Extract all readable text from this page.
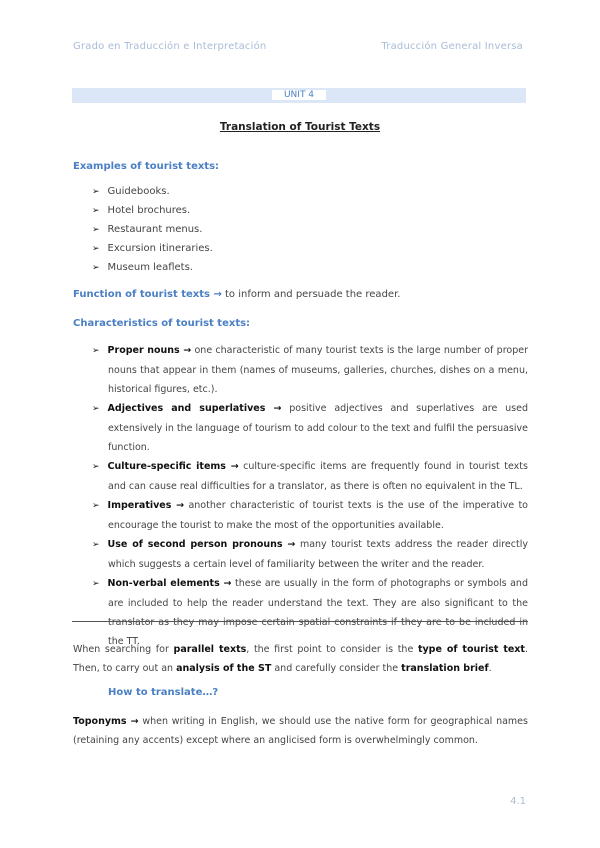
Grado en Traducción e Interpretación	Traducción General Inversa
UNIT 4
Translation of Tourist Texts
Examples of tourist texts:
➢ Guidebooks.
➢ Hotel brochures.
➢ Restaurant menus.
➢ Excursion itineraries.
➢ Museum leaflets.
Function of tourist texts → to inform and persuade the reader.
Characteristics of tourist texts:
➢ Proper nouns → one characteristic of many tourist texts is the large number of proper nouns that appear in them (names of museums, galleries, churches, dishes on a menu, historical figures, etc.).
➢ Adjectives and superlatives → positive adjectives and superlatives are used extensively in the language of tourism to add colour to the text and fulfil the persuasive function.
➢ Culture-specific items → culture-specific items are frequently found in tourist texts and can cause real difficulties for a translator, as there is often no equivalent in the TL.
➢ Imperatives → another characteristic of tourist texts is the use of the imperative to encourage the tourist to make the most of the opportunities available.
➢ Use of second person pronouns → many tourist texts address the reader directly which suggests a certain level of familiarity between the writer and the reader.
➢ Non-verbal elements → these are usually in the form of photographs or symbols and are included to help the reader understand the text. They are also significant to the translator as they may impose certain spatial constraints if they are to be included in the TT.
When searching for parallel texts, the first point to consider is the type of tourist text. Then, to carry out an analysis of the ST and carefully consider the translation brief.
How to translate…?
Toponyms → when writing in English, we should use the native form for geographical names (retaining any accents) except where an anglicised form is overwhelmingly common.
4.1
